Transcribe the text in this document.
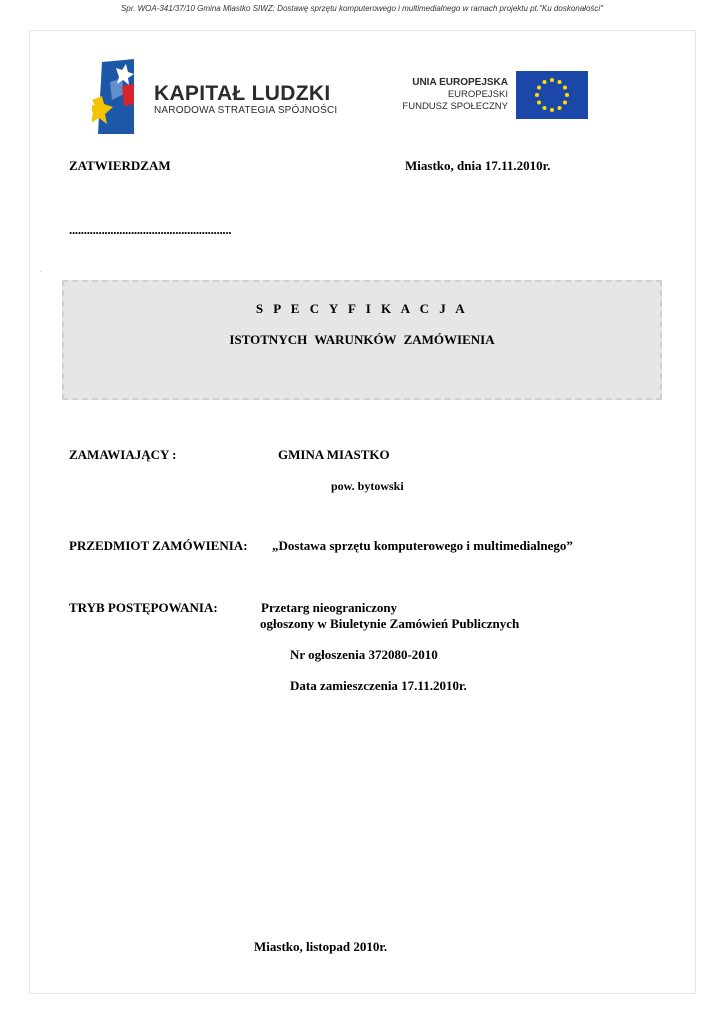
Spr. WOA-341/37/10 Gmina Miastko SIWZ: Dostawę sprzętu komputerowego i multimedialnego w ramach projektu pt."Ku doskonałości"
KAPITAŁ LUDZKI
NARODOWA STRATEGIA SPÓJNOŚCI
UNIA EUROPEJSKA
EUROPEJSKI
FUNDUSZ SPOŁECZNY
ZATWIERDZAM	Miastko, dnia 17.11.2010r.
.......................................................
.
S P E C Y F I K A C J A
ISTOTNYCH WARUNKÓW ZAMÓWIENIA
ZAMAWIAJĄCY :	GMINA MIASTKO
pow. bytowski
PRZEDMIOT ZAMÓWIENIA: „Dostawa sprzętu komputerowego i multimedialnego”
TRYB POSTĘPOWANIA:	Przetarg nieograniczony
ogłoszony w Biuletynie Zamówień Publicznych
Nr ogłoszenia 372080-2010
Data zamieszczenia 17.11.2010r.
Miastko, listopad 2010r.
